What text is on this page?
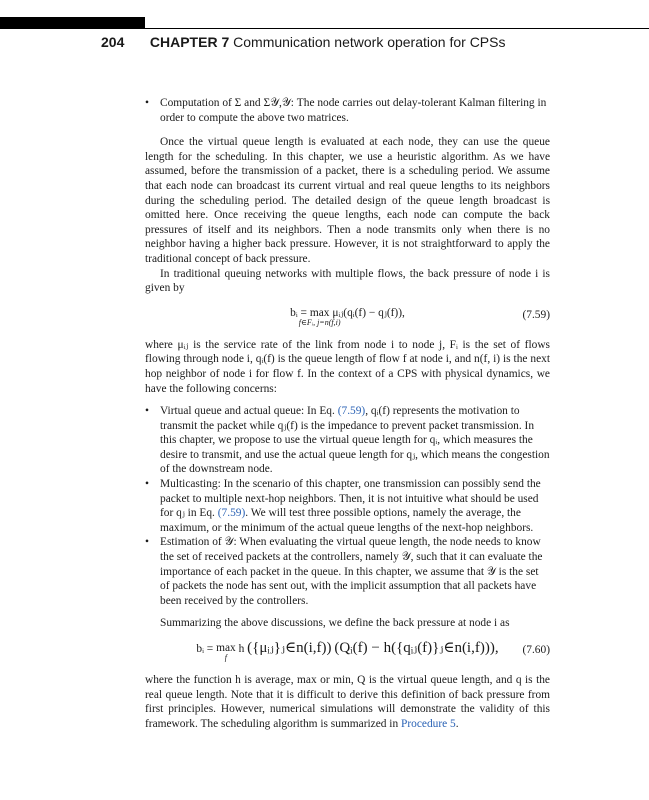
204 CHAPTER 7 Communication network operation for CPSs
• Computation of Σ and Σ𝒴,𝒴: The node carries out delay-tolerant Kalman filtering in order to compute the above two matrices.

Once the virtual queue length is evaluated at each node, they can use the queue length for the scheduling. In this chapter, we use a heuristic algorithm. As we have assumed, before the transmission of a packet, there is a scheduling period. We assume that each node can broadcast its current virtual and real queue lengths to its neighbors during the scheduling period. The detailed design of the queue length broadcast is omitted here. Once receiving the queue lengths, each node can compute the back pressures of itself and its neighbors. Then a node transmits only when there is no neighbor having a higher back pressure. However, it is not straightforward to apply the traditional concept of back pressure.

In traditional queuing networks with multiple flows, the back pressure of node i is given by

bᵢ = max
f∈Fᵢ, j=n(f,i)
μᵢⱼ(qᵢ(f) − qⱼ(f)),	(7.59)

where μᵢⱼ is the service rate of the link from node i to node j, Fᵢ is the set of flows flowing through node i, qᵢ(f) is the queue length of flow f at node i, and n(f, i) is the next hop neighbor of node i for flow f. In the context of a CPS with physical dynamics, we have the following concerns:

• Virtual queue and actual queue: In Eq. (7.59), qᵢ(f) represents the motivation to transmit the packet while qⱼ(f) is the impedance to prevent packet transmission. In this chapter, we propose to use the virtual queue length for qᵢ, which measures the desire to transmit, and use the actual queue length for qⱼ, which means the congestion of the downstream node.
• Multicasting: In the scenario of this chapter, one transmission can possibly send the packet to multiple next-hop neighbors. Then, it is not intuitive what should be used for qⱼ in Eq. (7.59). We will test three possible options, namely the average, the maximum, or the minimum of the actual queue lengths of the next-hop neighbors.
• Estimation of 𝒴: When evaluating the virtual queue length, the node needs to know the set of received packets at the controllers, namely 𝒴, such that it can evaluate the importance of each packet in the queue. In this chapter, we assume that 𝒴 is the set of packets the node has sent out, with the implicit assumption that all packets have been received by the controllers.

Summarizing the above discussions, we define the back pressure at node i as

bᵢ = max
f
h ({μᵢⱼ}ⱼ∈n(i,f)) (Qᵢ(f) − h({qᵢⱼ(f)}ⱼ∈n(i,f))),	(7.60)

where the function h is average, max or min, Q is the virtual queue length, and q is the real queue length. Note that it is difficult to derive this definition of back pressure from first principles. However, numerical simulations will demonstrate the validity of this framework. The scheduling algorithm is summarized in Procedure 5.
